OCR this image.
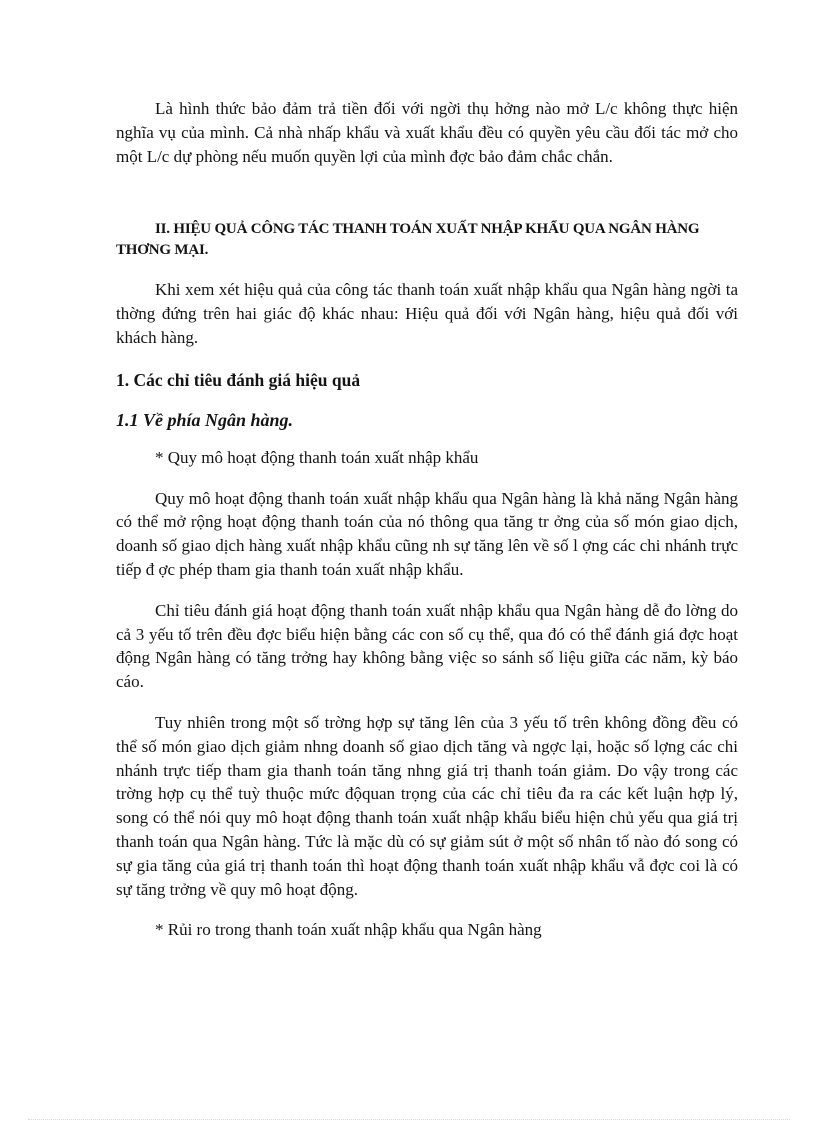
Là hình thức bảo đảm trả tiền đối với ngời thụ hởng nào mở L/c không thực hiện nghĩa vụ của mình. Cả nhà nhấp khẩu và xuất khẩu đều có quyền yêu cầu đối tác mở cho một L/c dự phòng nếu muốn quyền lợi của mình đợc bảo đảm chắc chắn.

II. HIỆU QUẢ CÔNG TÁC THANH TOÁN XUẤT NHẬP KHẨU QUA NGÂN HÀNG THƠNG MẠI.

Khi xem xét hiệu quả của công tác thanh toán xuất nhập khẩu qua Ngân hàng ngời ta thờng đứng trên hai giác độ khác nhau: Hiệu quả đối với Ngân hàng, hiệu quả đối với khách hàng.

1. Các chỉ tiêu đánh giá hiệu quả

1.1 Về phía Ngân hàng.

* Quy mô hoạt động thanh toán xuất nhập khẩu

Quy mô hoạt động thanh toán xuất nhập khẩu qua Ngân hàng là khả năng Ngân hàng có thể mở rộng hoạt động thanh toán của nó thông qua tăng tr ởng của số món giao dịch, doanh số giao dịch hàng xuất nhập khẩu cũng nh sự tăng lên về số l ợng các chi nhánh trực tiếp đ ợc phép tham gia thanh toán xuất nhập khẩu.

Chỉ tiêu đánh giá hoạt động thanh toán xuất nhập khẩu qua Ngân hàng dễ đo lờng do cả 3 yếu tố trên đều đợc biểu hiện bằng các con số cụ thể, qua đó có thể đánh giá đợc hoạt động Ngân hàng có tăng trởng hay không bằng việc so sánh số liệu giữa các năm, kỳ báo cáo.

Tuy nhiên trong một số trờng hợp sự tăng lên của 3 yếu tố trên không đồng đều có thể số món giao dịch giảm nhng doanh số giao dịch tăng và ngợc lại, hoặc số lợng các chi nhánh trực tiếp tham gia thanh toán tăng nhng giá trị thanh toán giảm. Do vậy trong các trờng hợp cụ thể tuỳ thuộc mức độquan trọng của các chỉ tiêu đa ra các kết luận hợp lý, song có thể nói quy mô hoạt động thanh toán xuất nhập khẩu biểu hiện chủ yếu qua giá trị thanh toán qua Ngân hàng. Tức là mặc dù có sự giảm sút ở một số nhân tố nào đó song có sự gia tăng của giá trị thanh toán thì hoạt động thanh toán xuất nhập khẩu vẫ đợc coi là có sự tăng trởng về quy mô hoạt động.

* Rủi ro trong thanh toán xuất nhập khẩu qua Ngân hàng
